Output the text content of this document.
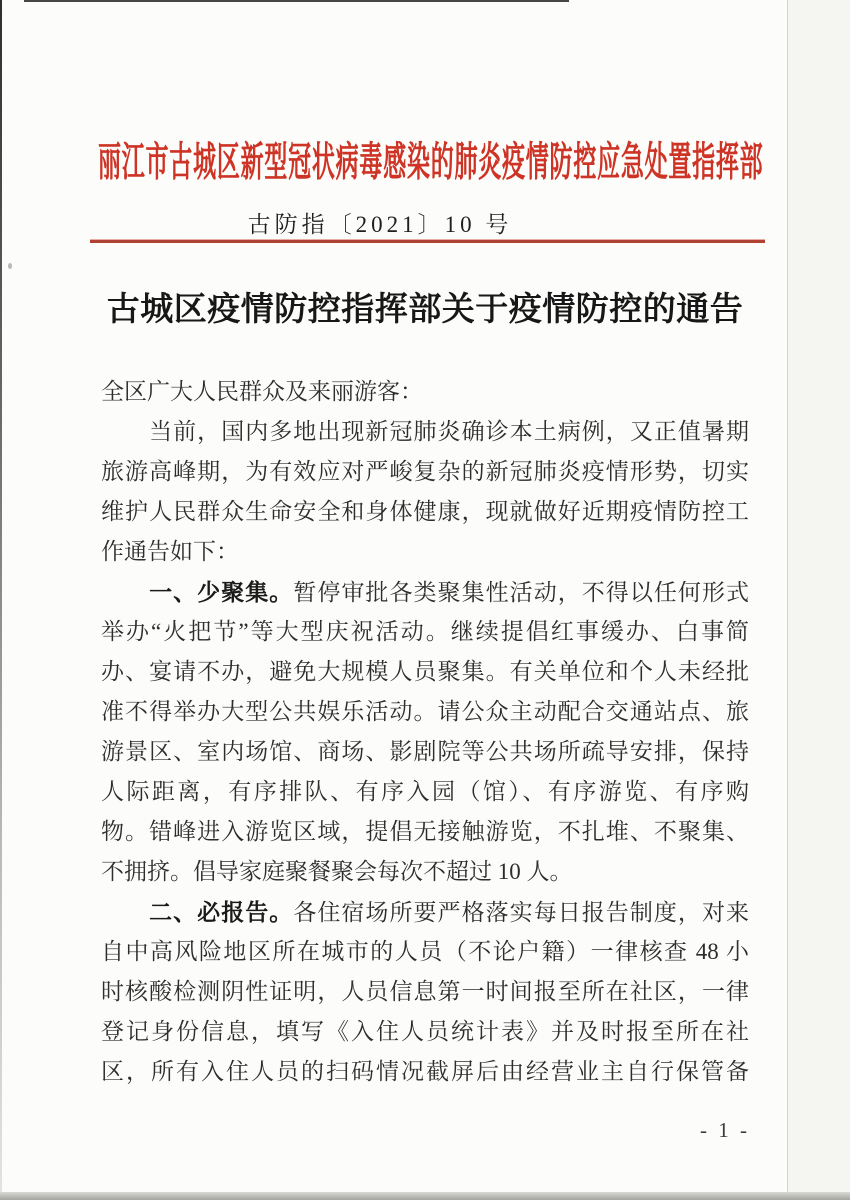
丽 江 市 古 城 区 新 型 冠 状 病 毒 感 染 的 肺 炎 疫 情 防 控 应 急 处 置 指 挥 部
古防指〔2021〕10 号
古城区疫情防控指挥部关于疫情防控的通告
全区广大人民群众及来丽游客：
　　当前，国内多地出现新冠肺炎确诊本土病例，又正值暑期
旅游高峰期，为有效应对严峻复杂的新冠肺炎疫情形势，切实
维护人民群众生命安全和身体健康，现就做好近期疫情防控工
作通告如下：
　　一、少聚集。暂停审批各类聚集性活动，不得以任何形式
举办“火把节”等大型庆祝活动。继续提倡红事缓办、白事简
办、宴请不办，避免大规模人员聚集。有关单位和个人未经批
准不得举办大型公共娱乐活动。请公众主动配合交通站点、旅
游景区、室内场馆、商场、影剧院等公共场所疏导安排，保持
人际距离，有序排队、有序入园（馆）、有序游览、有序购
物。错峰进入游览区域，提倡无接触游览，不扎堆、不聚集、
不拥挤。倡导家庭聚餐聚会每次不超过 10 人。
　　二、必报告。各住宿场所要严格落实每日报告制度，对来
自中高风险地区所在城市的人员（不论户籍）一律核查 48 小
时核酸检测阴性证明，人员信息第一时间报至所在社区，一律
登记身份信息，填写《入住人员统计表》并及时报至所在社
区，所有入住人员的扫码情况截屏后由经营业主自行保管备
- 1 -
